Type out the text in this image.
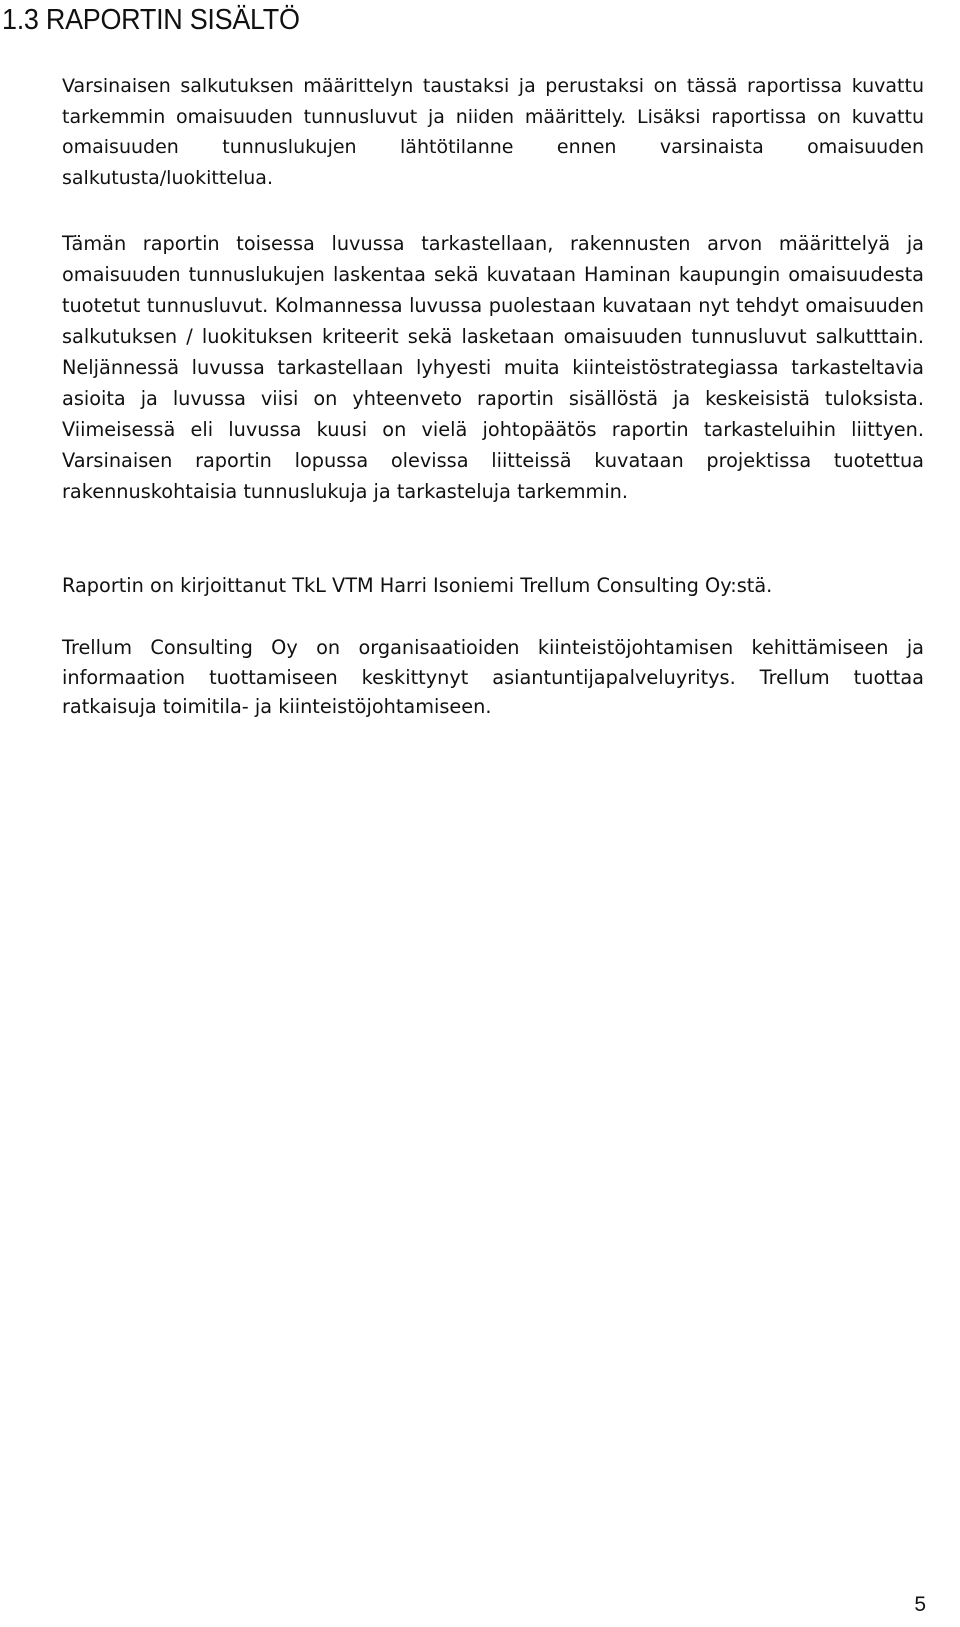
1.3 RAPORTIN SISÄLTÖ

Varsinaisen salkutuksen määrittelyn taustaksi ja perustaksi on tässä raportissa kuvattu tarkemmin omaisuuden tunnusluvut ja niiden määrittely. Lisäksi raportissa on kuvattu omaisuuden tunnuslukujen lähtötilanne ennen varsinaista omaisuuden salkutusta/luokittelua.

Tämän raportin toisessa luvussa tarkastellaan, rakennusten arvon määrittelyä ja omaisuuden tunnuslukujen laskentaa sekä kuvataan Haminan kaupungin omaisuudesta tuotetut tunnusluvut. Kolmannessa luvussa puolestaan kuvataan nyt tehdyt omaisuuden salkutuksen / luokituksen kriteerit sekä lasketaan omaisuuden tunnusluvut salkutttain. Neljännessä luvussa tarkastellaan lyhyesti muita kiinteistöstrategiassa tarkasteltavia asioita ja luvussa viisi on yhteenveto raportin sisällöstä ja keskeisistä tuloksista. Viimeisessä eli luvussa kuusi on vielä johtopäätös raportin tarkasteluihin liittyen. Varsinaisen raportin lopussa olevissa liitteissä kuvataan projektissa tuotettua rakennuskohtaisia tunnuslukuja ja tarkasteluja tarkemmin.

Raportin on kirjoittanut TkL VTM Harri Isoniemi Trellum Consulting Oy:stä.

Trellum Consulting Oy on organisaatioiden kiinteistöjohtamisen kehittämiseen ja informaation tuottamiseen keskittynyt asiantuntijapalveluyritys. Trellum tuottaa ratkaisuja toimitila- ja kiinteistöjohtamiseen.

5
